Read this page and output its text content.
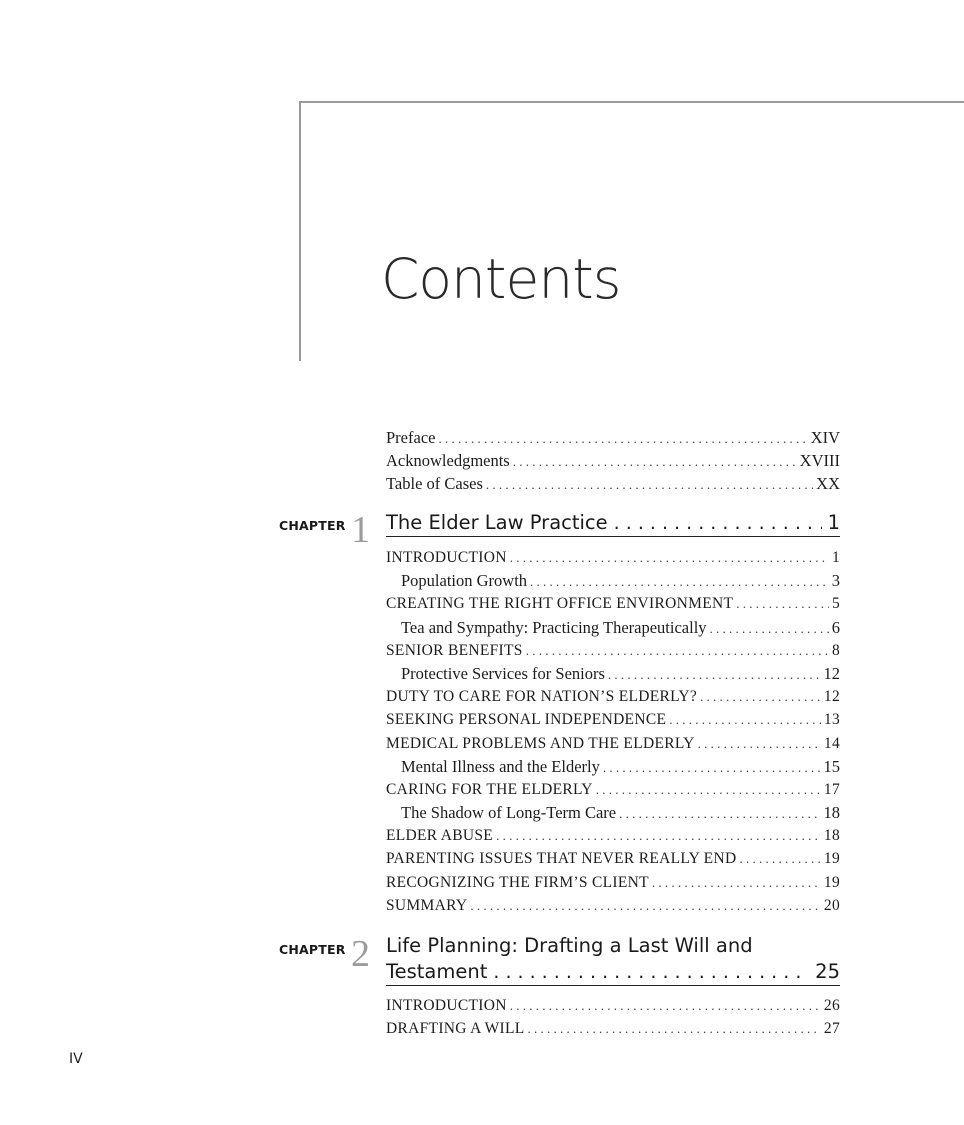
Contents
Preface . . .	XIV
Acknowledgments . . .	XVIII
Table of Cases . . .	XX
CHAPTER 1 The Elder Law Practice . . .	1
INTRODUCTION . . .	1
Population Growth . . .	3
CREATING THE RIGHT OFFICE ENVIRONMENT . . .	5
Tea and Sympathy: Practicing Therapeutically . . .	6
SENIOR BENEFITS . . .	8
Protective Services for Seniors . . .	12
DUTY TO CARE FOR NATION’S ELDERLY? . . .	12
SEEKING PERSONAL INDEPENDENCE . . .	13
MEDICAL PROBLEMS AND THE ELDERLY . . .	14
Mental Illness and the Elderly . . .	15
CARING FOR THE ELDERLY . . .	17
The Shadow of Long-Term Care . . .	18
ELDER ABUSE . . .	18
PARENTING ISSUES THAT NEVER REALLY END . . .	19
RECOGNIZING THE FIRM’S CLIENT . . .	19
SUMMARY . . .	20
CHAPTER 2 Life Planning: Drafting a Last Will and
Testament . . .	25
INTRODUCTION . . .	26
DRAFTING A WILL . . .	27
IV
